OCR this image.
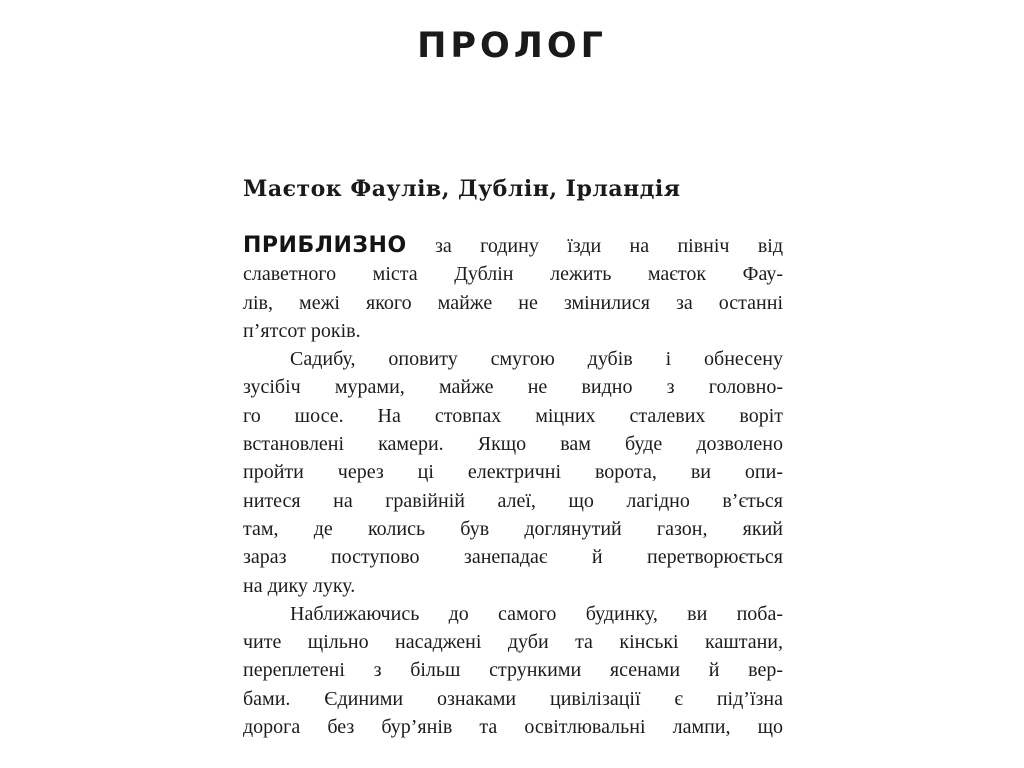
ПРОЛОГ
Маєток Фаулів, Дублін, Ірландія
ПРИБЛИЗНО за годину їзди на північ від
славетного міста Дублін лежить маєток Фау-
лів, межі якого майже не змінилися за останні
п’ятсот років.
Садибу, оповиту смугою дубів і обнесену
зусібіч мурами, майже не видно з головно-
го шосе. На стовпах міцних сталевих воріт
встановлені камери. Якщо вам буде дозволено
пройти через ці електричні ворота, ви опи-
нитеся на гравійній алеї, що лагідно в’ється
там, де колись був доглянутий газон, який
зараз поступово занепадає й перетворюється
на дику луку.
Наближаючись до самого будинку, ви поба-
чите щільно насаджені дуби та кінські каштани,
переплетені з більш стрункими ясенами й вер-
бами. Єдиними ознаками цивілізації є під’їзна
дорога без бур’янів та освітлювальні лампи, що
